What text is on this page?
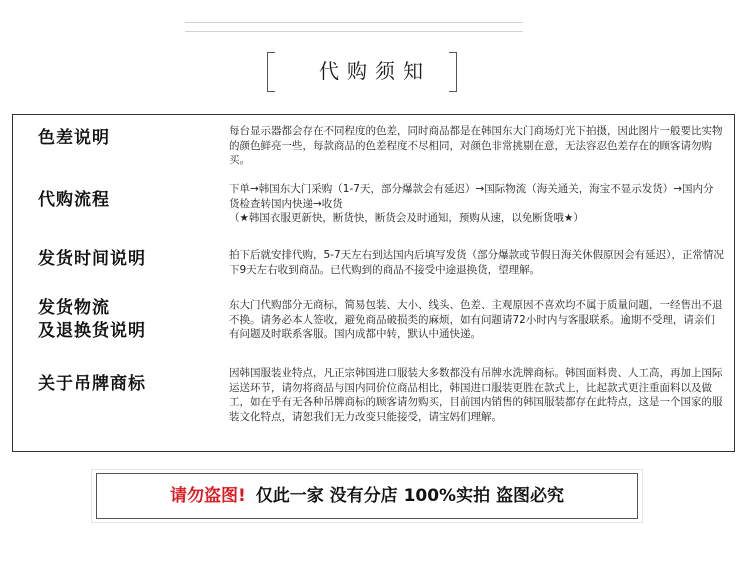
代购须知
色差说明	每台显示器都会存在不同程度的色差，同时商品都是在韩国东大门商场灯光下拍摄，因此图片一般要比实物的颜色鲜亮一些，每款商品的色差程度不尽相同，对颜色非常挑剔在意，无法容忍色差存在的顾客请勿购买。
代购流程
下单→韩国东大门采购（1-7天，部分爆款会有延迟）→国际物流（海关通关，海宝不显示发货）→国内分货检查转国内快递→收货
（★韩国衣服更新快，断货快，断货会及时通知，预购从速，以免断货哦★）
发货时间说明	拍下后就安排代购，5-7天左右到达国内后填写发货（部分爆款或节假日海关休假原因会有延迟），正常情况下9天左右收到商品。已代购到的商品不接受中途退换货，望理解。
发货物流
及退换货说明
东大门代购部分无商标，简易包装、大小、线头、色差、主观原因不喜欢均不属于质量问题，一经售出不退不换。请务必本人签收，避免商品破损类的麻烦，如有问题请72小时内与客服联系。逾期不受理，请亲们有问题及时联系客服。国内成都中转，默认中通快递。
关于吊牌商标
因韩国服装业特点，凡正宗韩国进口服装大多数都没有吊牌水洗牌商标。韩国面料贵、人工高，再加上国际运送环节，请勿将商品与国内同价位商品相比，韩国进口服装更胜在款式上，比起款式更注重面料以及做工，如在乎有无各种吊牌商标的顾客请勿购买，目前国内销售的韩国服装都存在此特点，这是一个国家的服装文化特点，请恕我们无力改变只能接受，请宝妈们理解。
请勿盗图! 仅此一家 没有分店 100%实拍 盗图必究
